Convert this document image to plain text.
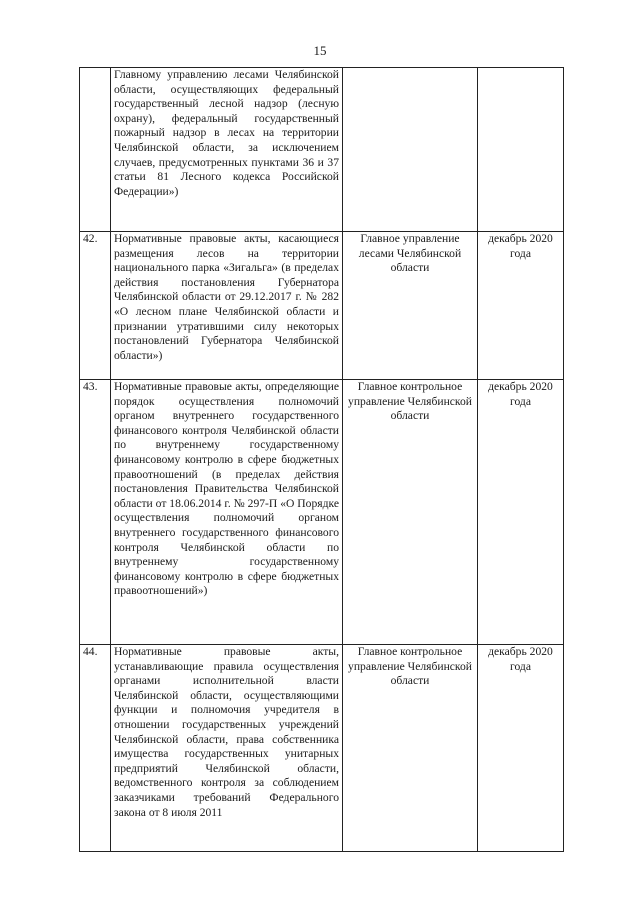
15
	Главному управлению лесами Челябинской области, осуществляющих федеральный государственный лесной надзор (лесную охрану), федеральный государственный пожарный надзор в лесах на территории Челябинской области, за исключением случаев, предусмотренных пунктами 36 и 37 статьи 81 Лесного кодекса Российской Федерации»)		
42.	Нормативные правовые акты, касающиеся размещения лесов на территории национального парка «Зигальга» (в пределах действия постановления Губернатора Челябинской области от 29.12.2017 г. № 282 «О лесном плане Челябинской области и признании утратившими силу некоторых постановлений Губернатора Челябинской области»)	Главное управление лесами Челябинской области	декабрь 2020 года
43.	Нормативные правовые акты, определяющие порядок осуществления полномочий органом внутреннего государственного финансового контроля Челябинской области по внутреннему государственному финансовому контролю в сфере бюджетных правоотношений (в пределах действия постановления Правительства Челябинской области от 18.06.2014 г. № 297-П «О Порядке осуществления полномочий органом внутреннего государственного финансового контроля Челябинской области по внутреннему государственному финансовому контролю в сфере бюджетных правоотношений»)	Главное контрольное управление Челябинской области	декабрь 2020 года
44.	Нормативные правовые акты, устанавливающие правила осуществления органами исполнительной власти Челябинской области, осуществляющими функции и полномочия учредителя в отношении государственных учреждений Челябинской области, права собственника имущества государственных унитарных предприятий Челябинской области, ведомственного контроля за соблюдением заказчиками требований Федерального закона от 8 июля 2011	Главное контрольное управление Челябинской области	декабрь 2020 года
